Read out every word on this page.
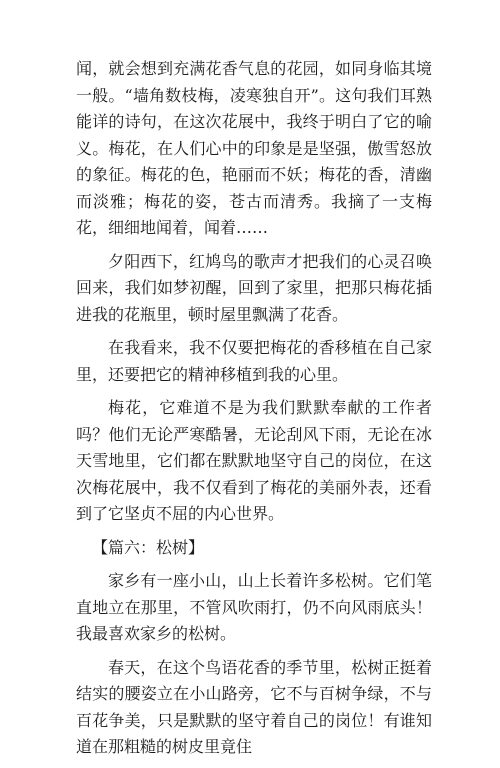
闻，就会想到充满花香气息的花园，如同身临其境一般。“墙角数枝梅，凌寒独自开”。这句我们耳熟能详的诗句，在这次花展中，我终于明白了它的喻义。梅花，在人们心中的印象是是坚强，傲雪怒放的象征。梅花的色，艳丽而不妖；梅花的香，清幽而淡雅；梅花的姿，苍古而清秀。我摘了一支梅花，细细地闻着，闻着……

夕阳西下，红鸠鸟的歌声才把我们的心灵召唤回来，我们如梦初醒，回到了家里，把那只梅花插进我的花瓶里，顿时屋里飘满了花香。

在我看来，我不仅要把梅花的香移植在自己家里，还要把它的精神移植到我的心里。

梅花，它难道不是为我们默默奉献的工作者吗？他们无论严寒酷暑，无论刮风下雨，无论在冰天雪地里，它们都在默默地坚守自己的岗位，在这次梅花展中，我不仅看到了梅花的美丽外表，还看到了它坚贞不屈的内心世界。

【篇六：松树】

家乡有一座小山，山上长着许多松树。它们笔直地立在那里，不管风吹雨打，仍不向风雨底头！我最喜欢家乡的松树。

春天，在这个鸟语花香的季节里，松树正挺着结实的腰姿立在小山路旁，它不与百树争绿，不与百花争美，只是默默的坚守着自己的岗位！有谁知道在那粗糙的树皮里竟住
